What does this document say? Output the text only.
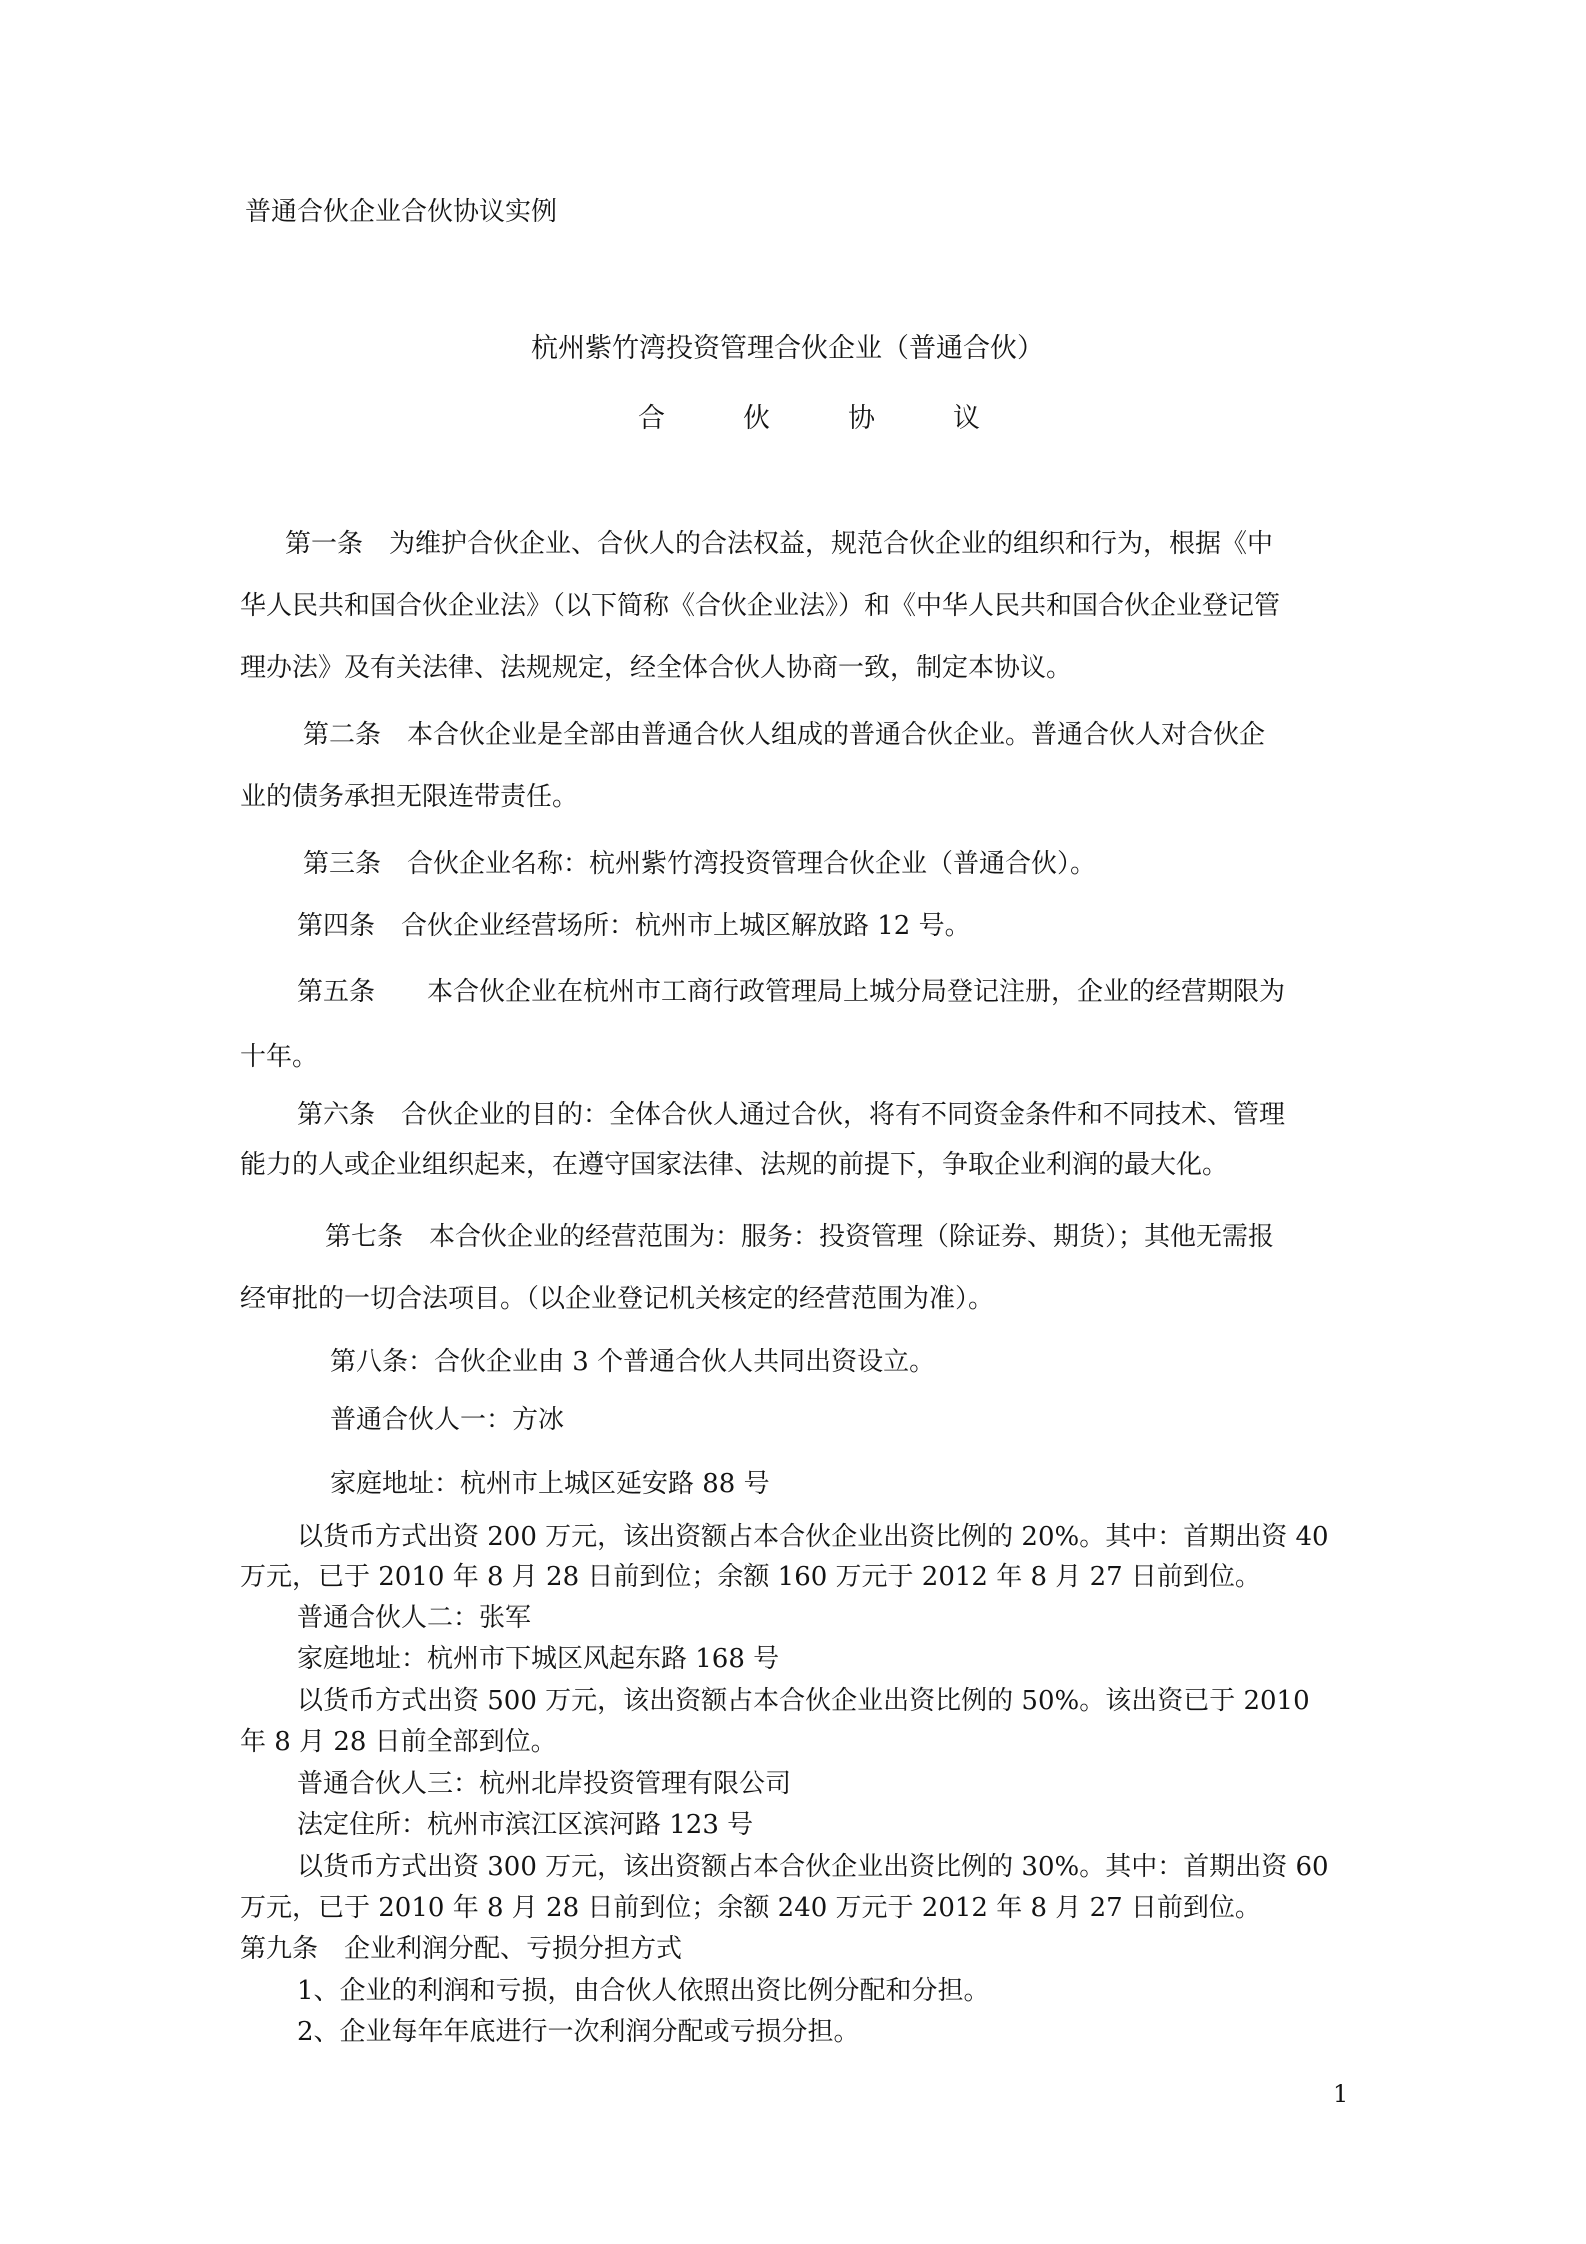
普通合伙企业合伙协议实例
杭州紫竹湾投资管理合伙企业（普通合伙）
合	伙	协	议
第一条　为维护合伙企业、合伙人的合法权益，规范合伙企业的组织和行为，根据《中
华人民共和国合伙企业法》（以下简称《合伙企业法》）和《中华人民共和国合伙企业登记管
理办法》及有关法律、法规规定，经全体合伙人协商一致，制定本协议。
第二条　本合伙企业是全部由普通合伙人组成的普通合伙企业。普通合伙人对合伙企
业的债务承担无限连带责任。
第三条　合伙企业名称：杭州紫竹湾投资管理合伙企业（普通合伙）。
第四条　合伙企业经营场所：杭州市上城区解放路 12 号。
第五条　　本合伙企业在杭州市工商行政管理局上城分局登记注册，企业的经营期限为
十年。
第六条　合伙企业的目的：全体合伙人通过合伙，将有不同资金条件和不同技术、管理
能力的人或企业组织起来，在遵守国家法律、法规的前提下，争取企业利润的最大化。
第七条　本合伙企业的经营范围为：服务：投资管理（除证券、期货）；其他无需报
经审批的一切合法项目。（以企业登记机关核定的经营范围为准）。
第八条：合伙企业由 3 个普通合伙人共同出资设立。
普通合伙人一：方冰
家庭地址：杭州市上城区延安路 88 号
以货币方式出资 200 万元，该出资额占本合伙企业出资比例的 20%。其中：首期出资 40
万元，已于 2010 年 8 月 28 日前到位；余额 160 万元于 2012 年 8 月 27 日前到位。
普通合伙人二：张军
家庭地址：杭州市下城区风起东路 168 号
以货币方式出资 500 万元，该出资额占本合伙企业出资比例的 50%。该出资已于 2010
年 8 月 28 日前全部到位。
普通合伙人三：杭州北岸投资管理有限公司
法定住所：杭州市滨江区滨河路 123 号
以货币方式出资 300 万元，该出资额占本合伙企业出资比例的 30%。其中：首期出资 60
万元，已于 2010 年 8 月 28 日前到位；余额 240 万元于 2012 年 8 月 27 日前到位。
第九条　企业利润分配、亏损分担方式
1、企业的利润和亏损，由合伙人依照出资比例分配和分担。
2、企业每年年底进行一次利润分配或亏损分担。
1
